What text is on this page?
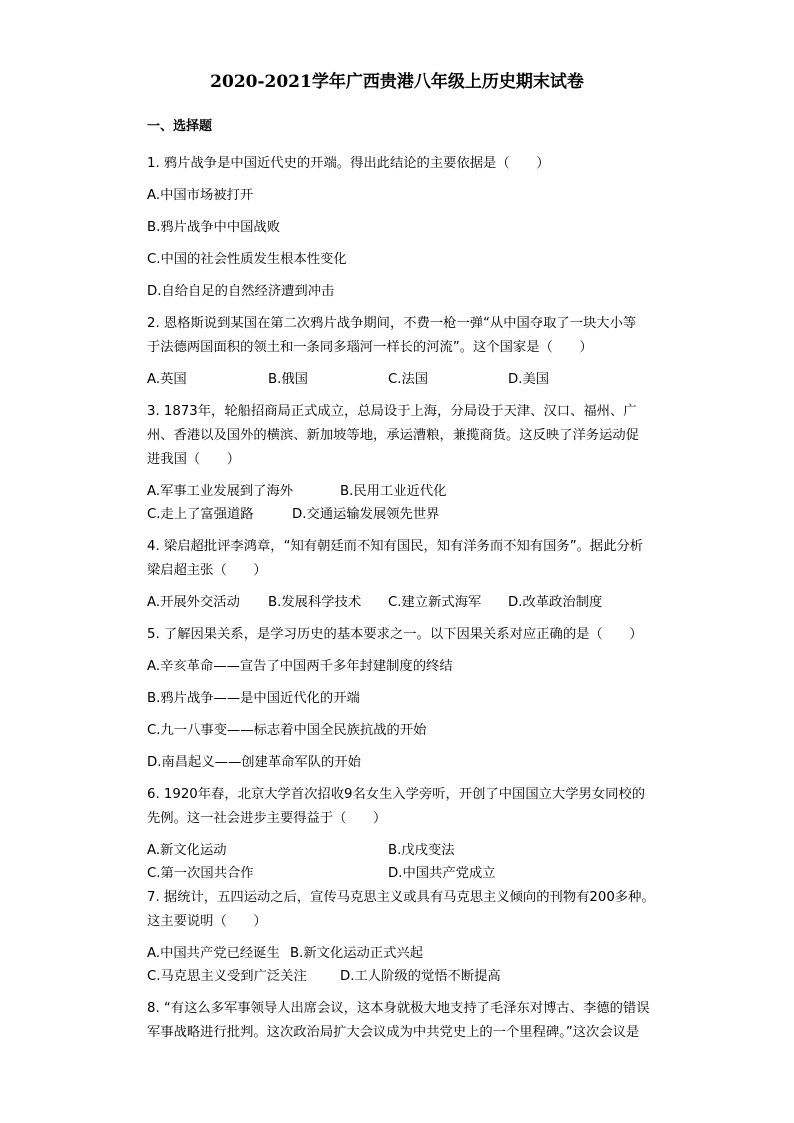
2020-2021学年广西贵港八年级上历史期末试卷
一、选择题
1. 鸦片战争是中国近代史的开端。得出此结论的主要依据是（　　）
A.中国市场被打开
B.鸦片战争中中国战败
C.中国的社会性质发生根本性变化
D.自给自足的自然经济遭到冲击
2. 恩格斯说到某国在第二次鸦片战争期间，不费一枪一弹“从中国夺取了一块大小等
于法德两国面积的领土和一条同多瑙河一样长的河流”。这个国家是（　　）
A.英国	B.俄国	C.法国	D.美国
3. 1873年，轮船招商局正式成立，总局设于上海，分局设于天津、汉口、福州、广
州、香港以及国外的横滨、新加坡等地，承运漕粮，兼揽商货。这反映了洋务运动促
进我国（　　）
A.军事工业发展到了海外	B.民用工业近代化
C.走上了富强道路	D.交通运输发展领先世界
4. 梁启超批评李鸿章，“知有朝廷而不知有国民，知有洋务而不知有国务”。据此分析
梁启超主张（　　）
A.开展外交活动 B.发展科学技术 C.建立新式海军 D.改革政治制度
5. 了解因果关系，是学习历史的基本要求之一。以下因果关系对应正确的是（　　）
A.辛亥革命——宣告了中国两千多年封建制度的终结
B.鸦片战争——是中国近代化的开端
C.九一八事变——标志着中国全民族抗战的开始
D.南昌起义——创建革命军队的开始
6. 1920年春，北京大学首次招收9名女生入学旁听，开创了中国国立大学男女同校的
先例。这一社会进步主要得益于（　　）
A.新文化运动	B.戊戌变法
C.第一次国共合作	D.中国共产党成立
7. 据统计，五四运动之后，宣传马克思主义或具有马克思主义倾向的刊物有200多种。
这主要说明（　　）
A.中国共产党已经诞生 B.新文化运动正式兴起
C.马克思主义受到广泛关注 D.工人阶级的觉悟不断提高
8. “有这么多军事领导人出席会议，这本身就极大地支持了毛泽东对博古、李德的错误
军事战略进行批判。这次政治局扩大会议成为中共党史上的一个里程碑。”这次会议是
